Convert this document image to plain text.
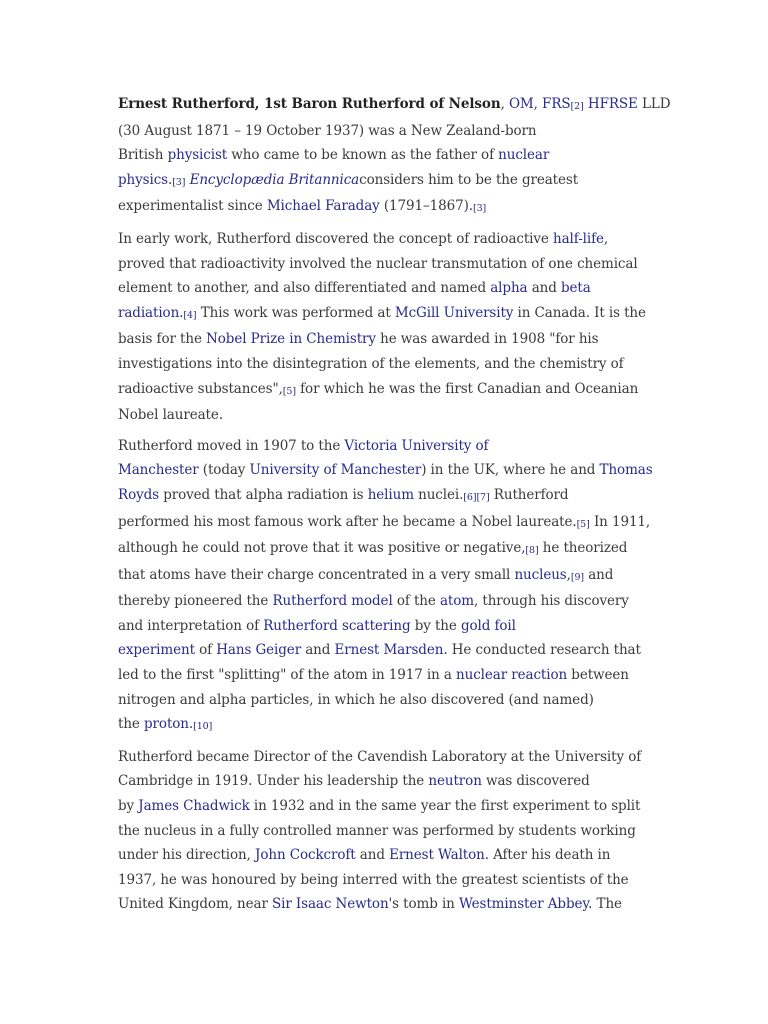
Ernest Rutherford, 1st Baron Rutherford of Nelson, OM, FRS[2] HFRSE LLD
(30 August 1871 – 19 October 1937) was a New Zealand-born
British physicist who came to be known as the father of nuclear
physics.[3] Encyclopædia Britannicaconsiders him to be the greatest
experimentalist since Michael Faraday (1791–1867).[3]
In early work, Rutherford discovered the concept of radioactive half-life,
proved that radioactivity involved the nuclear transmutation of one chemical
element to another, and also differentiated and named alpha and beta
radiation.[4] This work was performed at McGill University in Canada. It is the
basis for the Nobel Prize in Chemistry he was awarded in 1908 "for his
investigations into the disintegration of the elements, and the chemistry of
radioactive substances",[5] for which he was the first Canadian and Oceanian
Nobel laureate.
Rutherford moved in 1907 to the Victoria University of
Manchester (today University of Manchester) in the UK, where he and Thomas
Royds proved that alpha radiation is helium nuclei.[6][7] Rutherford
performed his most famous work after he became a Nobel laureate.[5] In 1911,
although he could not prove that it was positive or negative,[8] he theorized
that atoms have their charge concentrated in a very small nucleus,[9] and
thereby pioneered the Rutherford model of the atom, through his discovery
and interpretation of Rutherford scattering by the gold foil
experiment of Hans Geiger and Ernest Marsden. He conducted research that
led to the first "splitting" of the atom in 1917 in a nuclear reaction between
nitrogen and alpha particles, in which he also discovered (and named)
the proton.[10]
Rutherford became Director of the Cavendish Laboratory at the University of
Cambridge in 1919. Under his leadership the neutron was discovered
by James Chadwick in 1932 and in the same year the first experiment to split
the nucleus in a fully controlled manner was performed by students working
under his direction, John Cockcroft and Ernest Walton. After his death in
1937, he was honoured by being interred with the greatest scientists of the
United Kingdom, near Sir Isaac Newton's tomb in Westminster Abbey. The
